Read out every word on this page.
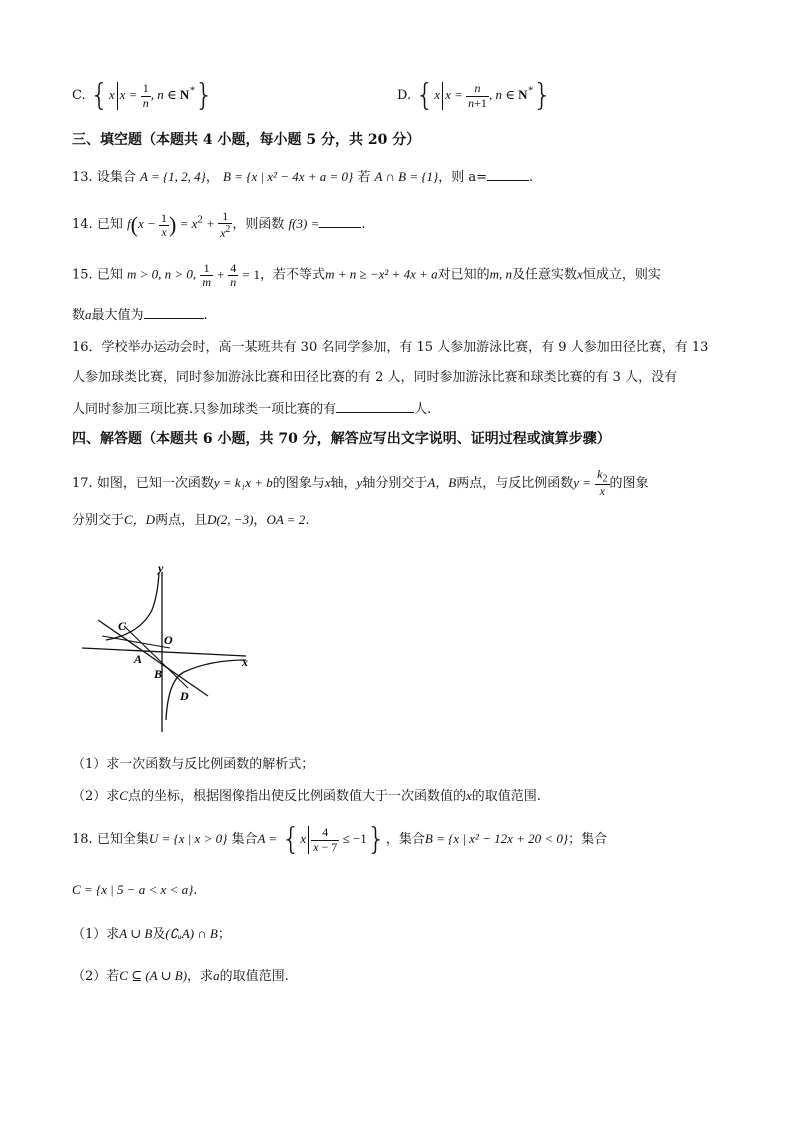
C. {x $x = \frac{1}{n}$ , n ∈ N*}	D. {x $x = \frac{n}{n+1}$ , n ∈ N*}
三、填空题（本题共 4 小题，每小题 5 分，共 20 分）
13. 设集合 A = {1, 2, 4}， B = {x | x² − 4x + a = 0} 若 A ∩ B = {1}，则 a=	.
14. 已知 $f(x - \frac{1}{x}$ ) = $x^2 + \frac{1}{x^2}$ ，则函数 f(3) =	.
15. 已知 m > 0, n > 0, $\frac{1}{m} + \frac{4}{n} = 1$，若不等式m + n ≥ −x² + 4x + a对已知的m, n及任意实数x恒成立，则实
数a最大值为	.
16．学校举办运动会时，高一某班共有 30 名同学参加，有 15 人参加游泳比赛，有 9 人参加田径比赛，有 13
人参加球类比赛，同时参加游泳比赛和田径比赛的有 2 人，同时参加游泳比赛和球类比赛的有 3 人，没有
人同时参加三项比赛.只参加球类一项比赛的有	人.
四、解答题（本题共 6 小题，共 70 分，解答应写出文字说明、证明过程或演算步骤）
17. 如图，已知一次函数y = k₁x + b的图象与x轴，y轴分别交于A，B两点，与反比例函数$y = \frac{k_2}{x}$ 的图象
分别交于C，D两点，且D(2, −3)，OA = 2.
y
x
C
O
A
B
D
（1）求一次函数与反比例函数的解析式；
（2）求C点的坐标，根据图像指出使反比例函数值大于一次函数值的x的取值范围.
18. 已知全集U = {x | x > 0} 集合$A = \{x \frac{4}{x - 7} \le -1\}$，集合B = {x | x² − 12x + 20 < 0}；集合
C = {x | 5 − a < x < a}.
（1）求A ∪ B及(∁ᵤA) ∩ B；
（2）若C ⊆ (A ∪ B)，求a的取值范围.
